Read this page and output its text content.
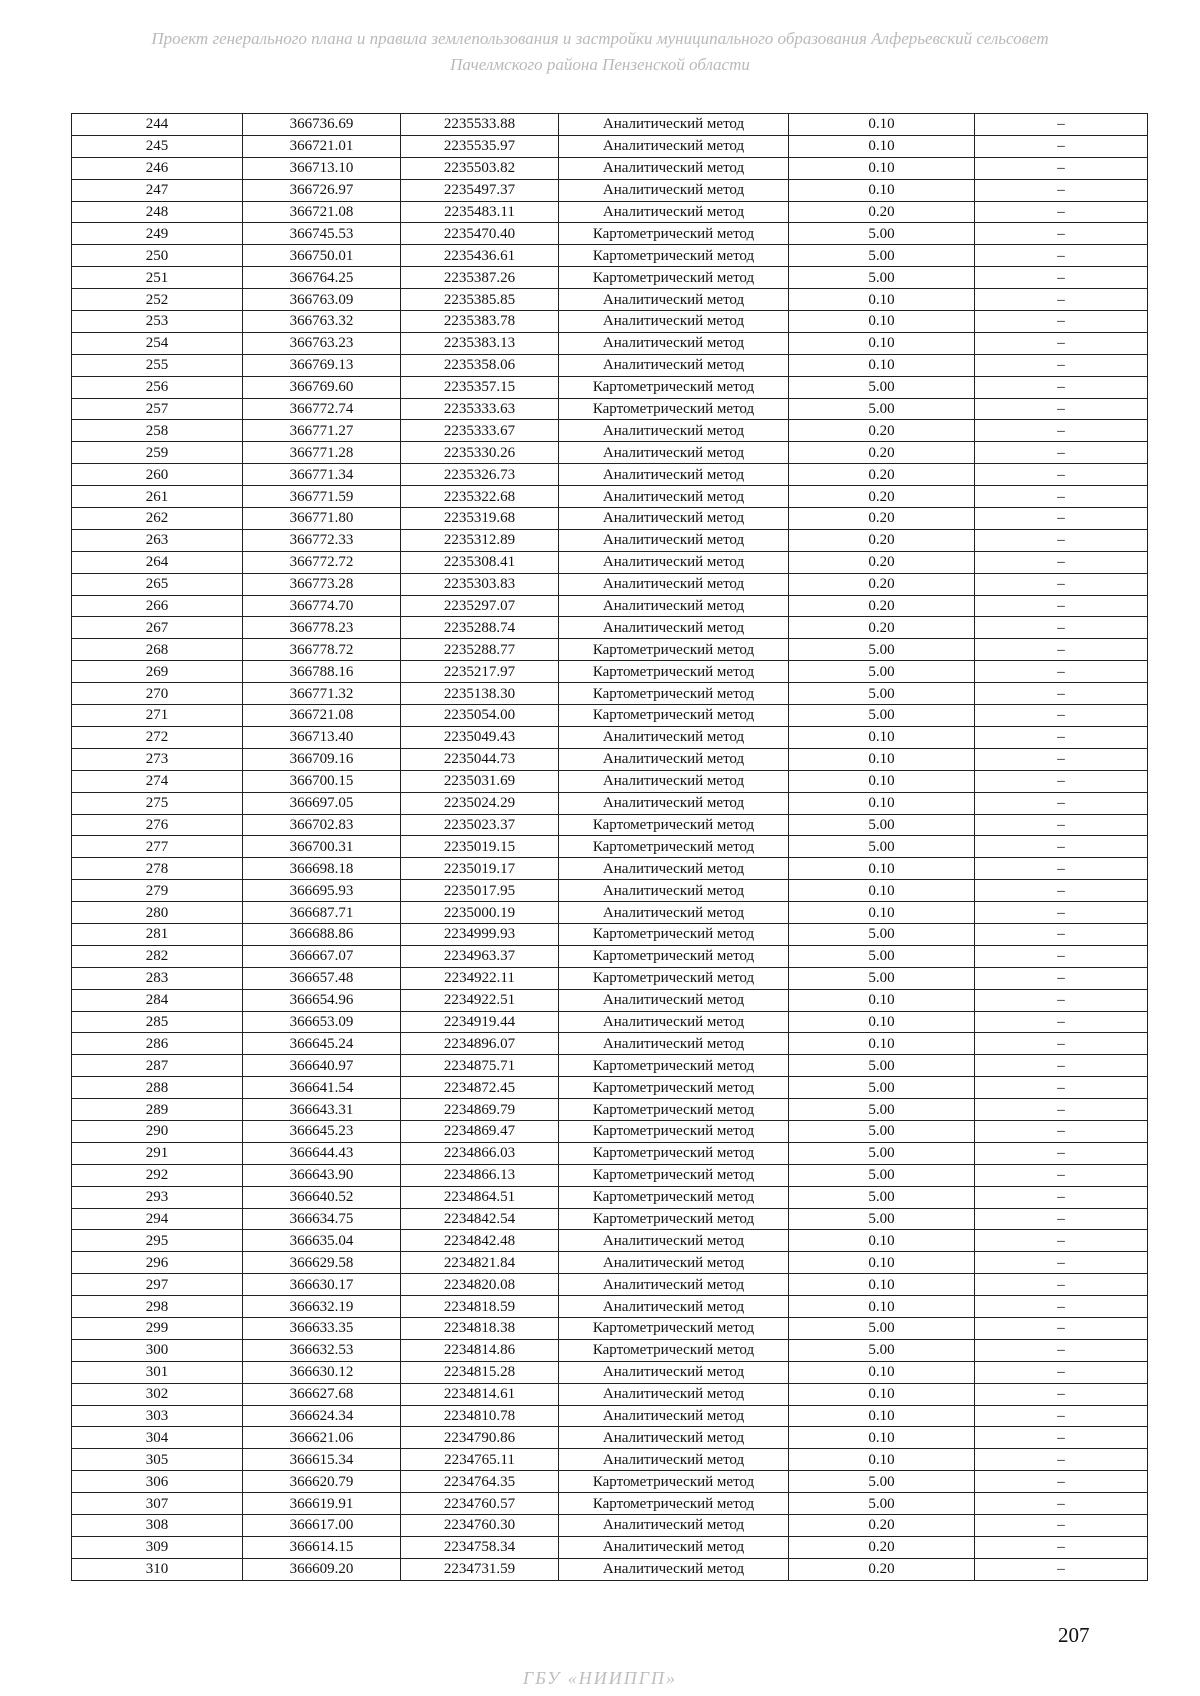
Проект генерального плана и правила землепользования и застройки муниципального образования Алферьевский сельсовет
Пачелмского района Пензенской области
244	366736.69	2235533.88	Аналитический метод	0.10	–
245	366721.01	2235535.97	Аналитический метод	0.10	–
246	366713.10	2235503.82	Аналитический метод	0.10	–
247	366726.97	2235497.37	Аналитический метод	0.10	–
248	366721.08	2235483.11	Аналитический метод	0.20	–
249	366745.53	2235470.40	Картометрический метод	5.00	–
250	366750.01	2235436.61	Картометрический метод	5.00	–
251	366764.25	2235387.26	Картометрический метод	5.00	–
252	366763.09	2235385.85	Аналитический метод	0.10	–
253	366763.32	2235383.78	Аналитический метод	0.10	–
254	366763.23	2235383.13	Аналитический метод	0.10	–
255	366769.13	2235358.06	Аналитический метод	0.10	–
256	366769.60	2235357.15	Картометрический метод	5.00	–
257	366772.74	2235333.63	Картометрический метод	5.00	–
258	366771.27	2235333.67	Аналитический метод	0.20	–
259	366771.28	2235330.26	Аналитический метод	0.20	–
260	366771.34	2235326.73	Аналитический метод	0.20	–
261	366771.59	2235322.68	Аналитический метод	0.20	–
262	366771.80	2235319.68	Аналитический метод	0.20	–
263	366772.33	2235312.89	Аналитический метод	0.20	–
264	366772.72	2235308.41	Аналитический метод	0.20	–
265	366773.28	2235303.83	Аналитический метод	0.20	–
266	366774.70	2235297.07	Аналитический метод	0.20	–
267	366778.23	2235288.74	Аналитический метод	0.20	–
268	366778.72	2235288.77	Картометрический метод	5.00	–
269	366788.16	2235217.97	Картометрический метод	5.00	–
270	366771.32	2235138.30	Картометрический метод	5.00	–
271	366721.08	2235054.00	Картометрический метод	5.00	–
272	366713.40	2235049.43	Аналитический метод	0.10	–
273	366709.16	2235044.73	Аналитический метод	0.10	–
274	366700.15	2235031.69	Аналитический метод	0.10	–
275	366697.05	2235024.29	Аналитический метод	0.10	–
276	366702.83	2235023.37	Картометрический метод	5.00	–
277	366700.31	2235019.15	Картометрический метод	5.00	–
278	366698.18	2235019.17	Аналитический метод	0.10	–
279	366695.93	2235017.95	Аналитический метод	0.10	–
280	366687.71	2235000.19	Аналитический метод	0.10	–
281	366688.86	2234999.93	Картометрический метод	5.00	–
282	366667.07	2234963.37	Картометрический метод	5.00	–
283	366657.48	2234922.11	Картометрический метод	5.00	–
284	366654.96	2234922.51	Аналитический метод	0.10	–
285	366653.09	2234919.44	Аналитический метод	0.10	–
286	366645.24	2234896.07	Аналитический метод	0.10	–
287	366640.97	2234875.71	Картометрический метод	5.00	–
288	366641.54	2234872.45	Картометрический метод	5.00	–
289	366643.31	2234869.79	Картометрический метод	5.00	–
290	366645.23	2234869.47	Картометрический метод	5.00	–
291	366644.43	2234866.03	Картометрический метод	5.00	–
292	366643.90	2234866.13	Картометрический метод	5.00	–
293	366640.52	2234864.51	Картометрический метод	5.00	–
294	366634.75	2234842.54	Картометрический метод	5.00	–
295	366635.04	2234842.48	Аналитический метод	0.10	–
296	366629.58	2234821.84	Аналитический метод	0.10	–
297	366630.17	2234820.08	Аналитический метод	0.10	–
298	366632.19	2234818.59	Аналитический метод	0.10	–
299	366633.35	2234818.38	Картометрический метод	5.00	–
300	366632.53	2234814.86	Картометрический метод	5.00	–
301	366630.12	2234815.28	Аналитический метод	0.10	–
302	366627.68	2234814.61	Аналитический метод	0.10	–
303	366624.34	2234810.78	Аналитический метод	0.10	–
304	366621.06	2234790.86	Аналитический метод	0.10	–
305	366615.34	2234765.11	Аналитический метод	0.10	–
306	366620.79	2234764.35	Картометрический метод	5.00	–
307	366619.91	2234760.57	Картометрический метод	5.00	–
308	366617.00	2234760.30	Аналитический метод	0.20	–
309	366614.15	2234758.34	Аналитический метод	0.20	–
310	366609.20	2234731.59	Аналитический метод	0.20	–
207
ГБУ «НИИПГП»
